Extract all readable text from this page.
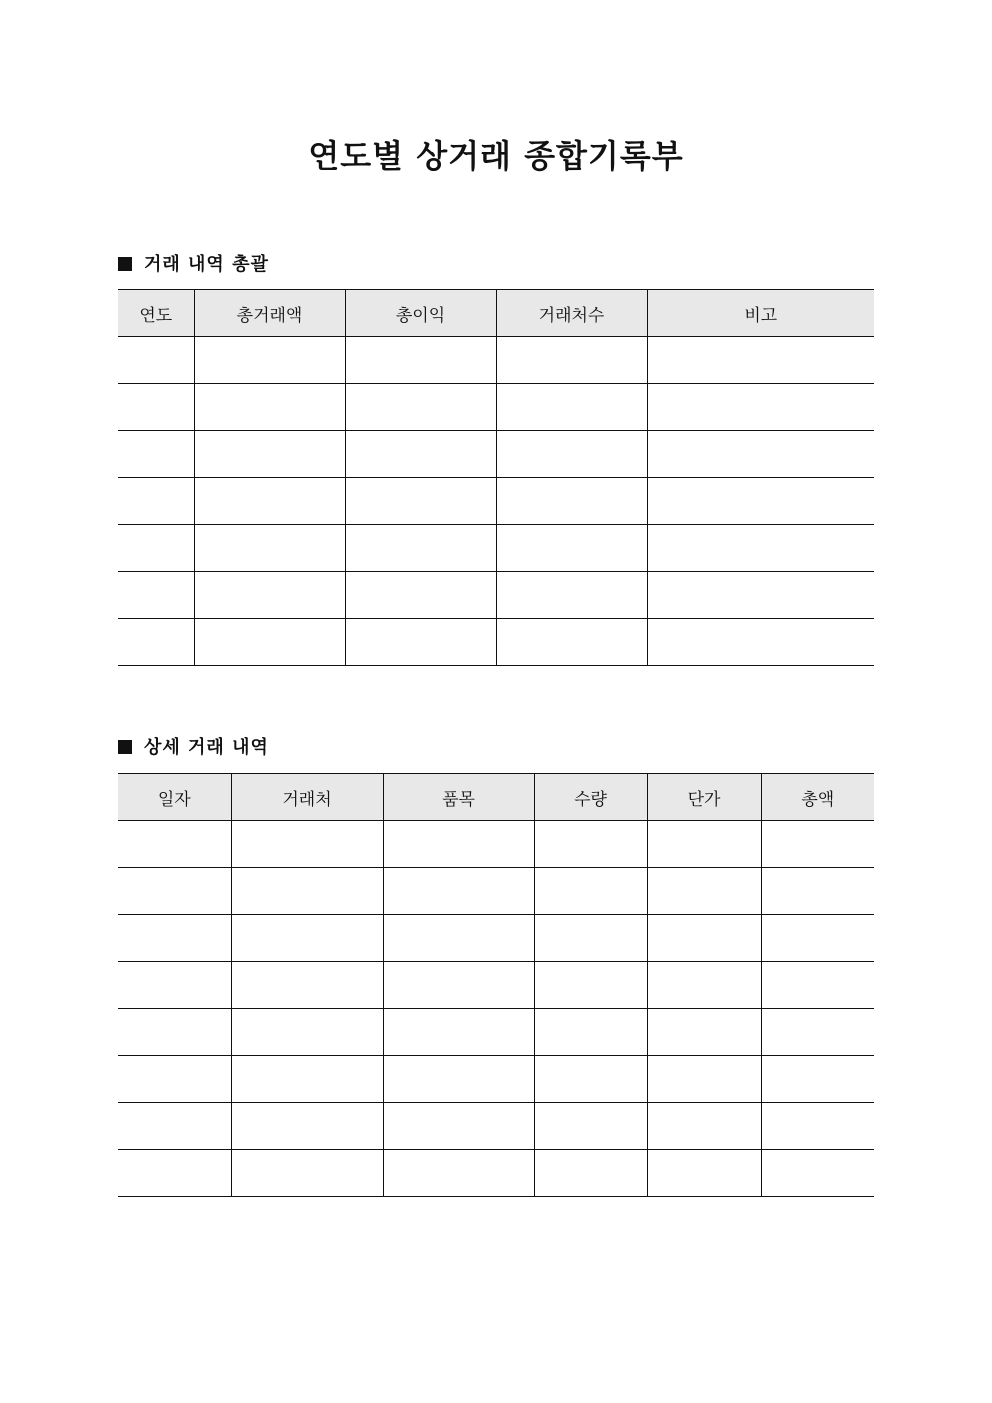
연도별 상거래 종합기록부
거래 내역 총괄
연도	총거래액	총이익	거래처수	비고

상세 거래 내역
일자	거래처	품목	수량	단가	총액
